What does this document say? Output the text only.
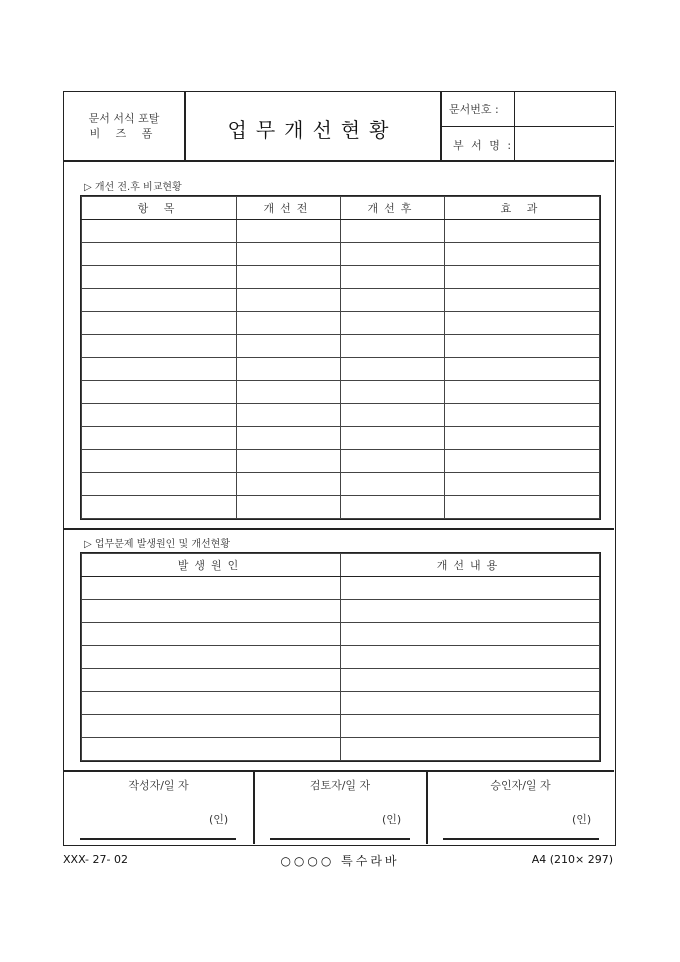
문서 서식 포탈
비 즈 폼	업무개선현황
문서번호 :
부 서 명 :
▷ 개선 전.후 비교현황
항 목	개선전	개선후	효 과

▷ 업무문제 발생원인 및 개선현황
발생원인	개선내용

작성자/일 자
(인)
검토자/일 자
(인)
승인자/일 자
(인)
XXX- 27- 02	○○○○ 특수라바	A4 (210× 297)
